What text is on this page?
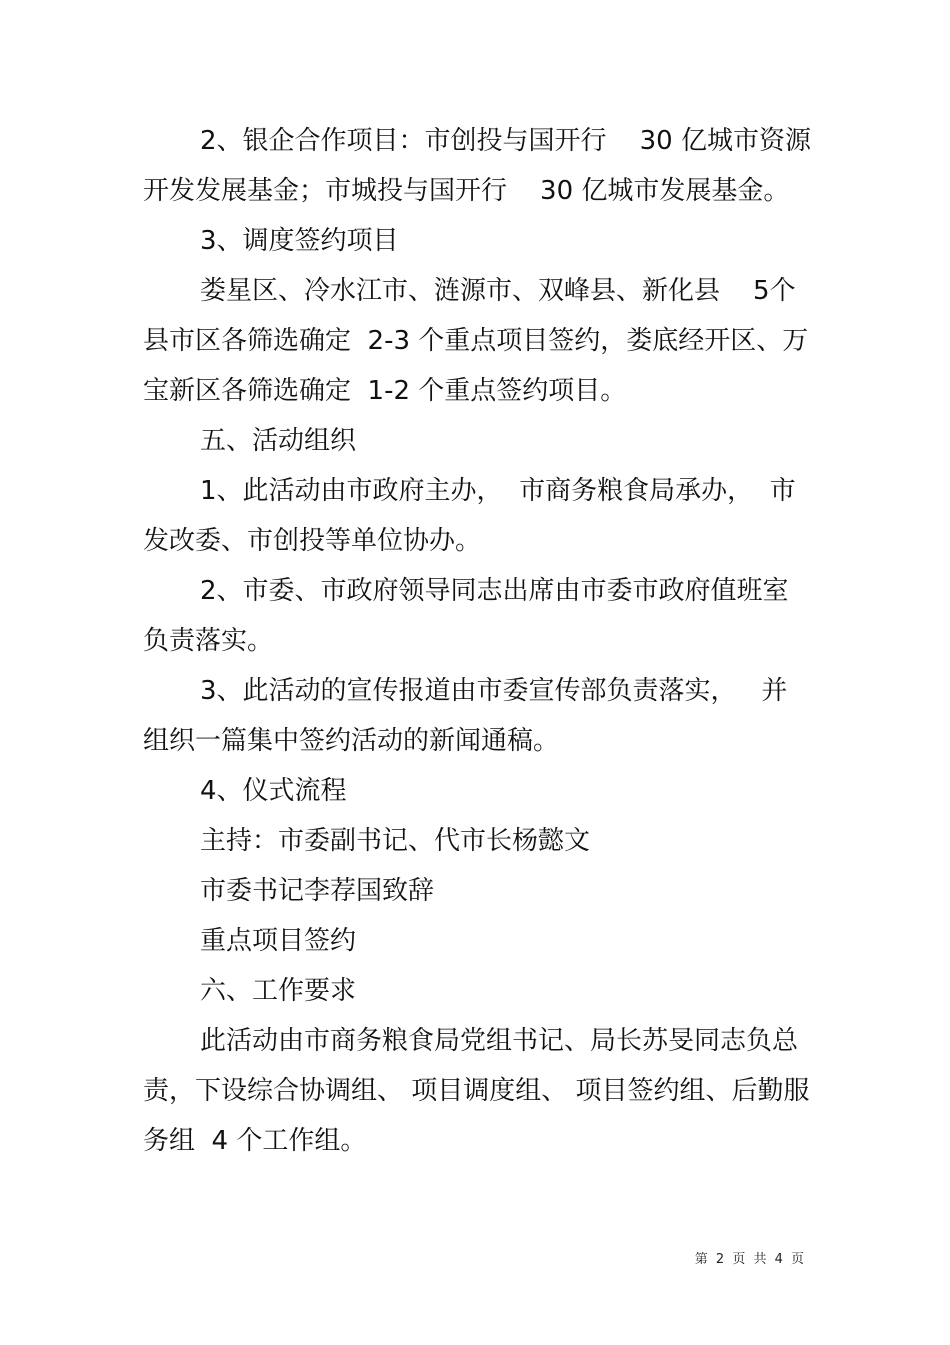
2、银企合作项目：市创投与国开行    30 亿城市资源开发发展基金；市城投与国开行    30 亿城市发展基金。

3、调度签约项目

娄星区、冷水江市、涟源市、双峰县、新化县    5个县市区各筛选确定  2-3 个重点项目签约，娄底经开区、万宝新区各筛选确定  1-2 个重点签约项目。

五、活动组织

1、此活动由市政府主办，  市商务粮食局承办，  市发改委、市创投等单位协办。

2、市委、市政府领导同志出席由市委市政府值班室负责落实。

3、此活动的宣传报道由市委宣传部负责落实，   并组织一篇集中签约活动的新闻通稿。

4、仪式流程

主持：市委副书记、代市长杨懿文

市委书记李荐国致辞

重点项目签约

六、工作要求

此活动由市商务粮食局党组书记、局长苏旻同志负总责，下设综合协调组、 项目调度组、 项目签约组、后勤服务组  4 个工作组。

第 2 页 共 4 页
